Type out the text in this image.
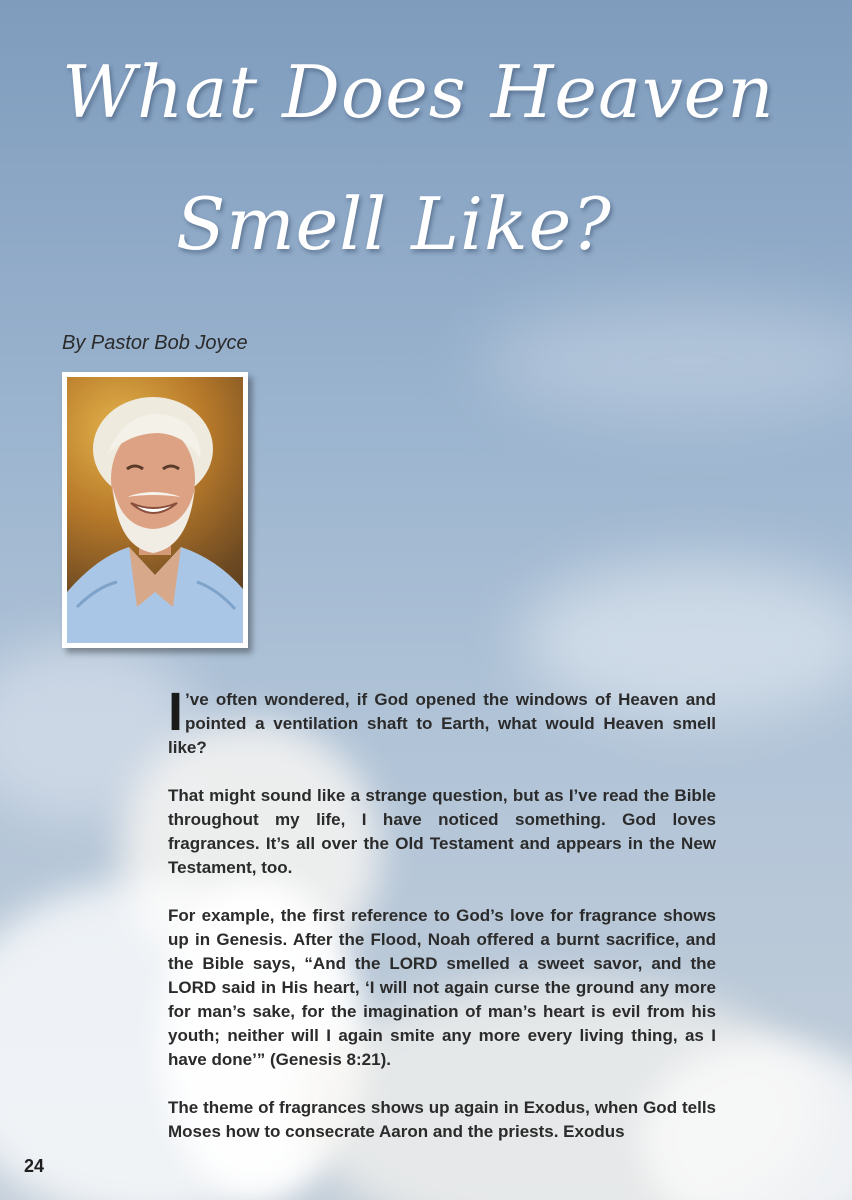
What Does Heaven
Smell Like?
By Pastor Bob Joyce

I ’ve often wondered, if God opened the windows of Heaven and pointed a ventilation shaft to Earth, what would Heaven smell like?

That might sound like a strange question, but as I’ve read the Bible throughout my life, I have noticed something. God loves fragrances. It’s all over the Old Testament and appears in the New Testament, too.

For example, the first reference to God’s love for fragrance shows up in Genesis. After the Flood, Noah offered a burnt sacrifice, and the Bible says, “And the LORD smelled a sweet savor, and the LORD said in His heart, ‘I will not again curse the ground any more for man’s sake, for the imagination of man’s heart is evil from his youth; neither will I again smite any more every living thing, as I have done’” (Genesis 8:21).

The theme of fragrances shows up again in Exodus, when God tells Moses how to consecrate Aaron and the priests. Exodus

24
